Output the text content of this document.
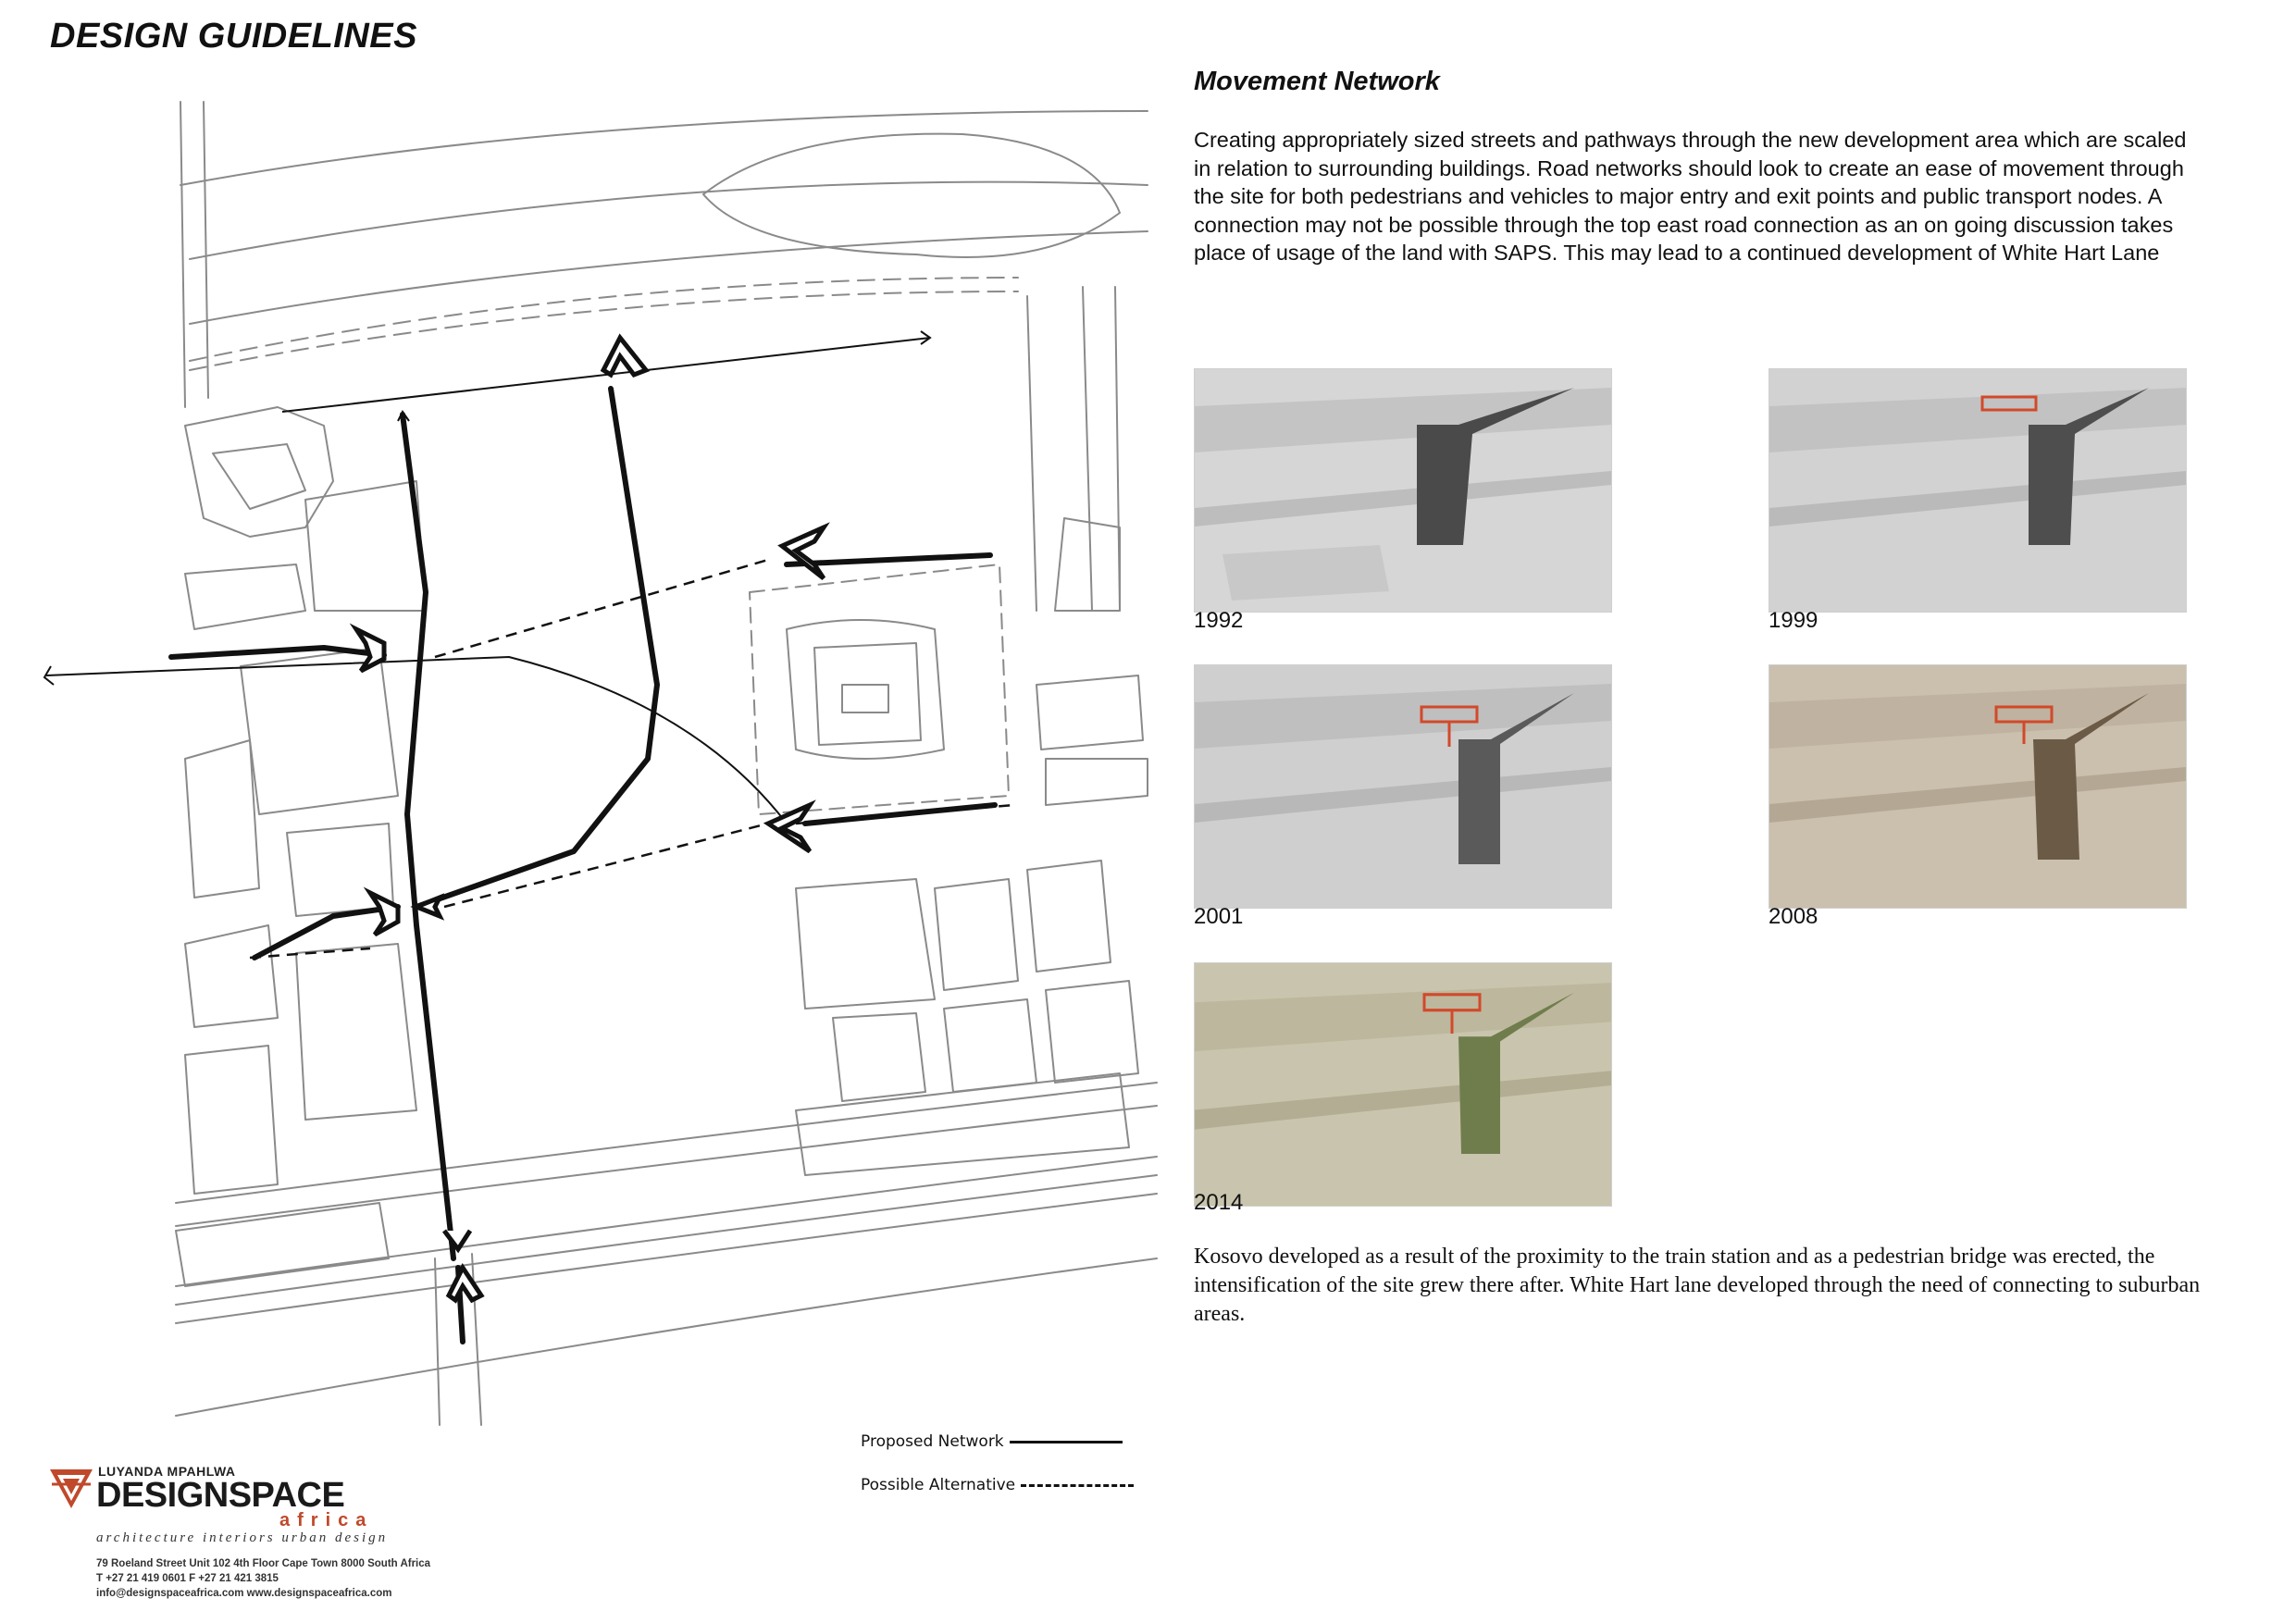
DESIGN GUIDELINES
Movement Network

Creating appropriately sized streets and pathways through the new development area which are scaled in relation to surrounding buildings. Road networks should look to create an ease of movement through the site for both pedestrians and vehicles to major entry and exit points and public transport nodes. A connection may not be possible through the top east road connection as an on going discussion takes place of usage of the land with SAPS. This may lead to a continued development of White Hart Lane

1992	1999
2001	2008
2014

Kosovo developed as a result of the proximity to the train station and as a pedestrian bridge was erected, the intensification of the site grew there after. White Hart lane developed through the need of connecting to suburban areas.

Proposed Network
Possible Alternative
LUYANDA MPAHLWA
DESIGNSPACE
africa
architecture interiors urban design
79 Roeland Street Unit 102 4th Floor Cape Town 8000 South Africa
T +27 21 419 0601 F +27 21 421 3815
info@designspaceafrica.com www.designspaceafrica.com
